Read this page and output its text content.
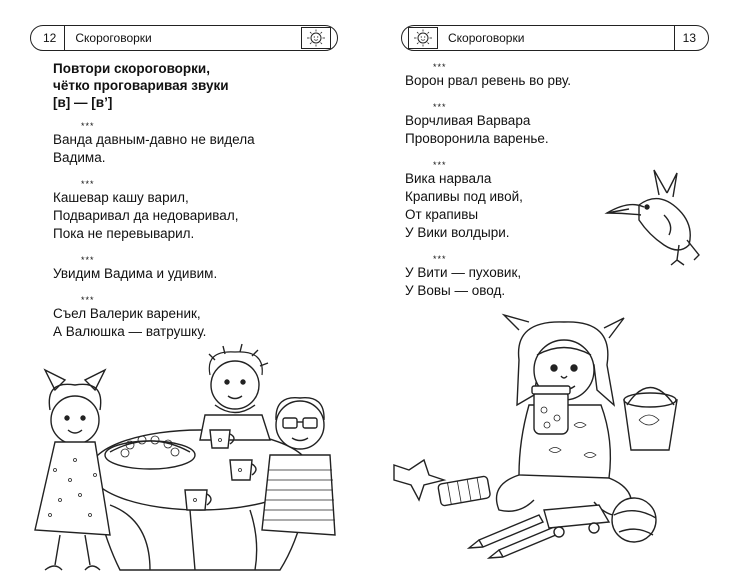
12	Скороговорки
Повтори скороговорки,
чётко проговаривая звуки
[в] — [в’]
***
Ванда давным-давно не видела
Вадима.
***
Кашевар кашу варил,
Подваривал да недоваривал,
Пока не перевыварил.
***
Увидим Вадима и удивим.
***
Съел Валерик вареник,
А Валюшка — ватрушку.
Скороговорки	13
***
Ворон рвал ревень во рву.
***
Ворчливая Варвара
Проворонила варенье.
***
Вика нарвала
Крапивы под ивой,
От крапивы
У Вики волдыри.
***
У Вити — пуховик,
У Вовы — овод.
